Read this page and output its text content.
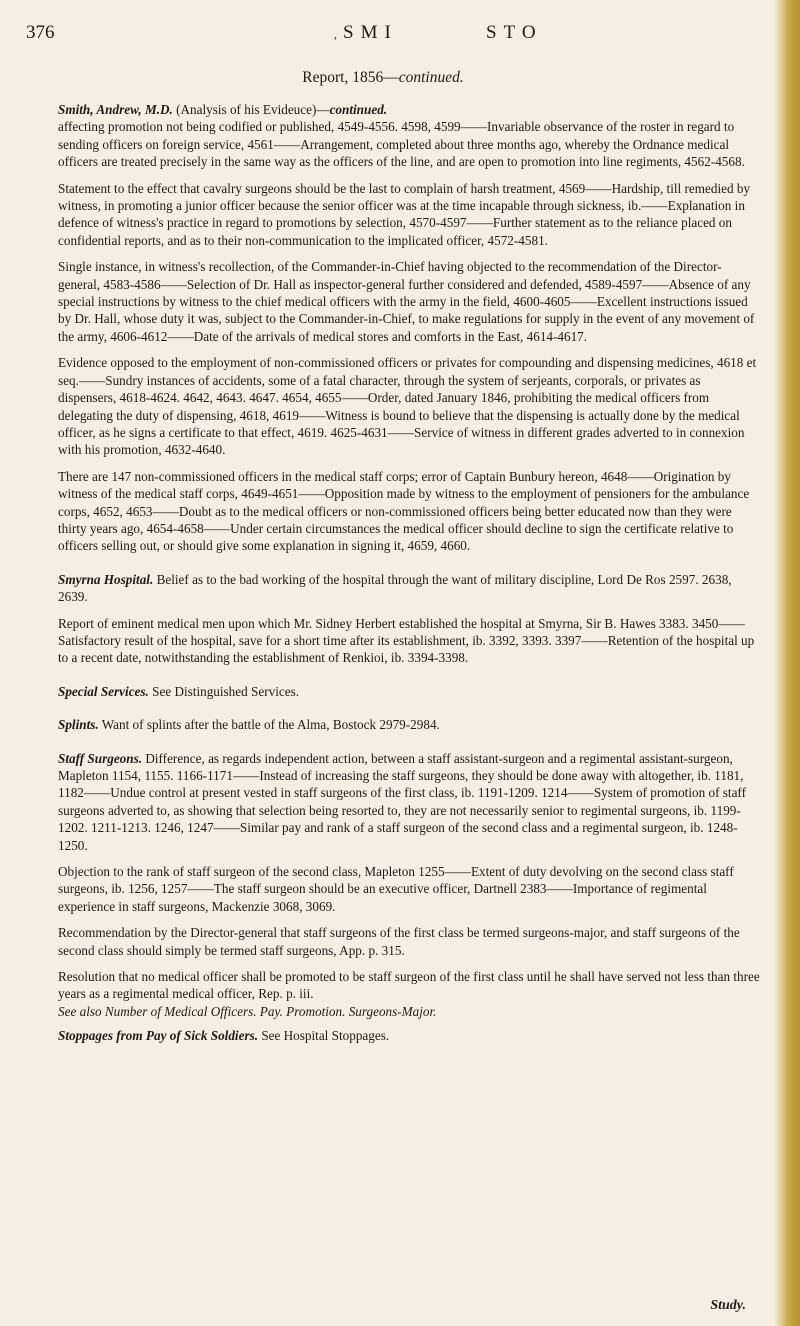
376	, SMI	STO
Report, 1856—continued.

Smith, Andrew, M.D. (Analysis of his Evideuce)—continued.

affecting promotion not being codified or published, 4549-4556. 4598, 4599——Invariable observance of the roster in regard to sending officers on foreign service, 4561——Arrangement, completed about three months ago, whereby the Ordnance medical officers are treated precisely in the same way as the officers of the line, and are open to promotion into line regiments, 4562-4568.

Statement to the effect that cavalry surgeons should be the last to complain of harsh treatment, 4569——Hardship, till remedied by witness, in promoting a junior officer because the senior officer was at the time incapable through sickness, ib.——Explanation in defence of witness's practice in regard to promotions by selection, 4570-4597——Further statement as to the reliance placed on confidential reports, and as to their non-communication to the implicated officer, 4572-4581.

Single instance, in witness's recollection, of the Commander-in-Chief having objected to the recommendation of the Director-general, 4583-4586——Selection of Dr. Hall as inspector-general further considered and defended, 4589-4597——Absence of any special instructions by witness to the chief medical officers with the army in the field, 4600-4605——Excellent instructions issued by Dr. Hall, whose duty it was, subject to the Commander-in-Chief, to make regulations for supply in the event of any movement of the army, 4606-4612——Date of the arrivals of medical stores and comforts in the East, 4614-4617.

Evidence opposed to the employment of non-commissioned officers or privates for compounding and dispensing medicines, 4618 et seq.——Sundry instances of accidents, some of a fatal character, through the system of serjeants, corporals, or privates as dispensers, 4618-4624. 4642, 4643. 4647. 4654, 4655——Order, dated January 1846, prohibiting the medical officers from delegating the duty of dispensing, 4618, 4619——Witness is bound to believe that the dispensing is actually done by the medical officer, as he signs a certificate to that effect, 4619. 4625-4631——Service of witness in different grades adverted to in connexion with his promotion, 4632-4640.

There are 147 non-commissioned officers in the medical staff corps; error of Captain Bunbury hereon, 4648——Origination by witness of the medical staff corps, 4649-4651——Opposition made by witness to the employment of pensioners for the ambulance corps, 4652, 4653——Doubt as to the medical officers or non-commissioned officers being better educated now than they were thirty years ago, 4654-4658——Under certain circumstances the medical officer should decline to sign the certificate relative to officers selling out, or should give some explanation in signing it, 4659, 4660.

Smyrna Hospital. Belief as to the bad working of the hospital through the want of military discipline, Lord De Ros 2597. 2638, 2639.

Report of eminent medical men upon which Mr. Sidney Herbert established the hospital at Smyrna, Sir B. Hawes 3383. 3450——Satisfactory result of the hospital, save for a short time after its establishment, ib. 3392, 3393. 3397——Retention of the hospital up to a recent date, notwithstanding the establishment of Renkioi, ib. 3394-3398.

Special Services. See Distinguished Services.

Splints. Want of splints after the battle of the Alma, Bostock 2979-2984.

Staff Surgeons. Difference, as regards independent action, between a staff assistant-surgeon and a regimental assistant-surgeon, Mapleton 1154, 1155. 1166-1171——Instead of increasing the staff surgeons, they should be done away with altogether, ib. 1181, 1182——Undue control at present vested in staff surgeons of the first class, ib. 1191-1209. 1214——System of promotion of staff surgeons adverted to, as showing that selection being resorted to, they are not necessarily senior to regimental surgeons, ib. 1199-1202. 1211-1213. 1246, 1247——Similar pay and rank of a staff surgeon of the second class and a regimental surgeon, ib. 1248-1250.

Objection to the rank of staff surgeon of the second class, Mapleton 1255——Extent of duty devolving on the second class staff surgeons, ib. 1256, 1257——The staff surgeon should be an executive officer, Dartnell 2383——Importance of regimental experience in staff surgeons, Mackenzie 3068, 3069.

Recommendation by the Director-general that staff surgeons of the first class be termed surgeons-major, and staff surgeons of the second class should simply be termed staff surgeons, App. p. 315.

Resolution that no medical officer shall be promoted to be staff surgeon of the first class until he shall have served not less than three years as a regimental medical officer, Rep. p. iii.

See also Number of Medical Officers. Pay. Promotion. Surgeons-Major.

Stoppages from Pay of Sick Soldiers. See Hospital Stoppages.

Study.
